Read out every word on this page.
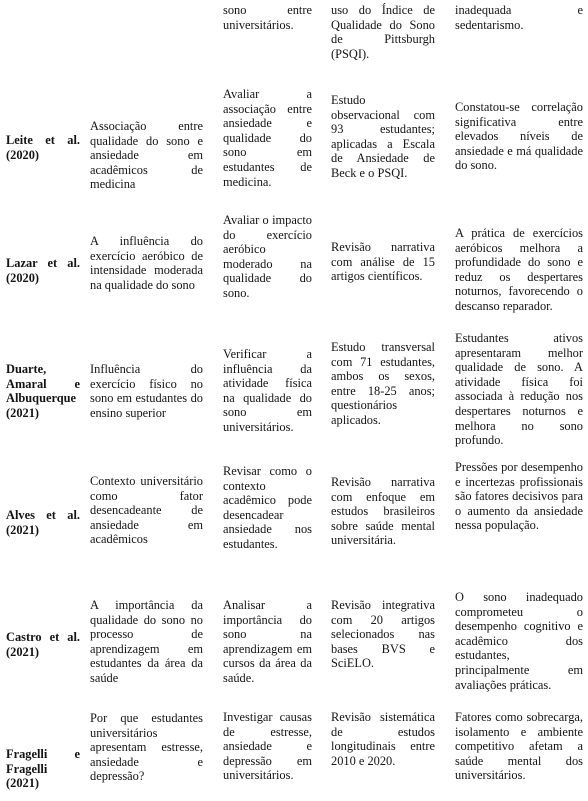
sono entre universitários.

uso do Índice de Qualidade do Sono de Pittsburgh (PSQI).

inadequada e sedentarismo.

Leite et al. (2020)

Associação entre qualidade do sono e ansiedade em acadêmicos de medicina

Avaliar a associação entre ansiedade e qualidade do sono em estudantes de medicina.

Estudo observacional com 93 estudantes; aplicadas a Escala de Ansiedade de Beck e o PSQI.

Constatou-se correlação significativa entre elevados níveis de ansiedade e má qualidade do sono.

Lazar et al. (2020)

A influência do exercício aeróbico de intensidade moderada na qualidade do sono

Avaliar o impacto do exercício aeróbico moderado na qualidade do sono.

Revisão narrativa com análise de 15 artigos científicos.

A prática de exercícios aeróbicos melhora a profundidade do sono e reduz os despertares noturnos, favorecendo o descanso reparador.

Duarte, Amaral e Albuquerque (2021)

Influência do exercício físico no sono em estudantes do ensino superior

Verificar a influência da atividade física na qualidade do sono em universitários.

Estudo transversal com 71 estudantes, ambos os sexos, entre 18-25 anos; questionários aplicados.

Estudantes ativos apresentaram melhor qualidade de sono. A atividade física foi associada à redução nos despertares noturnos e melhora no sono profundo.

Alves et al. (2021)

Contexto universitário como fator desencadeante de ansiedade em acadêmicos

Revisar como o contexto acadêmico pode desencadear ansiedade nos estudantes.

Revisão narrativa com enfoque em estudos brasileiros sobre saúde mental universitária.

Pressões por desempenho e incertezas profissionais são fatores decisivos para o aumento da ansiedade nessa população.

Castro et al. (2021)

A importância da qualidade do sono no processo de aprendizagem em estudantes da área da saúde

Analisar a importância do sono na aprendizagem em cursos da área da saúde.

Revisão integrativa com 20 artigos selecionados nas bases BVS e SciELO.

O sono inadequado comprometeu o desempenho cognitivo e acadêmico dos estudantes, principalmente em avaliações práticas.

Fragelli e Fragelli (2021)

Por que estudantes universitários apresentam estresse, ansiedade e depressão?

Investigar causas de estresse, ansiedade e depressão em universitários.

Revisão sistemática de estudos longitudinais entre 2010 e 2020.

Fatores como sobrecarga, isolamento e ambiente competitivo afetam a saúde mental dos universitários.
